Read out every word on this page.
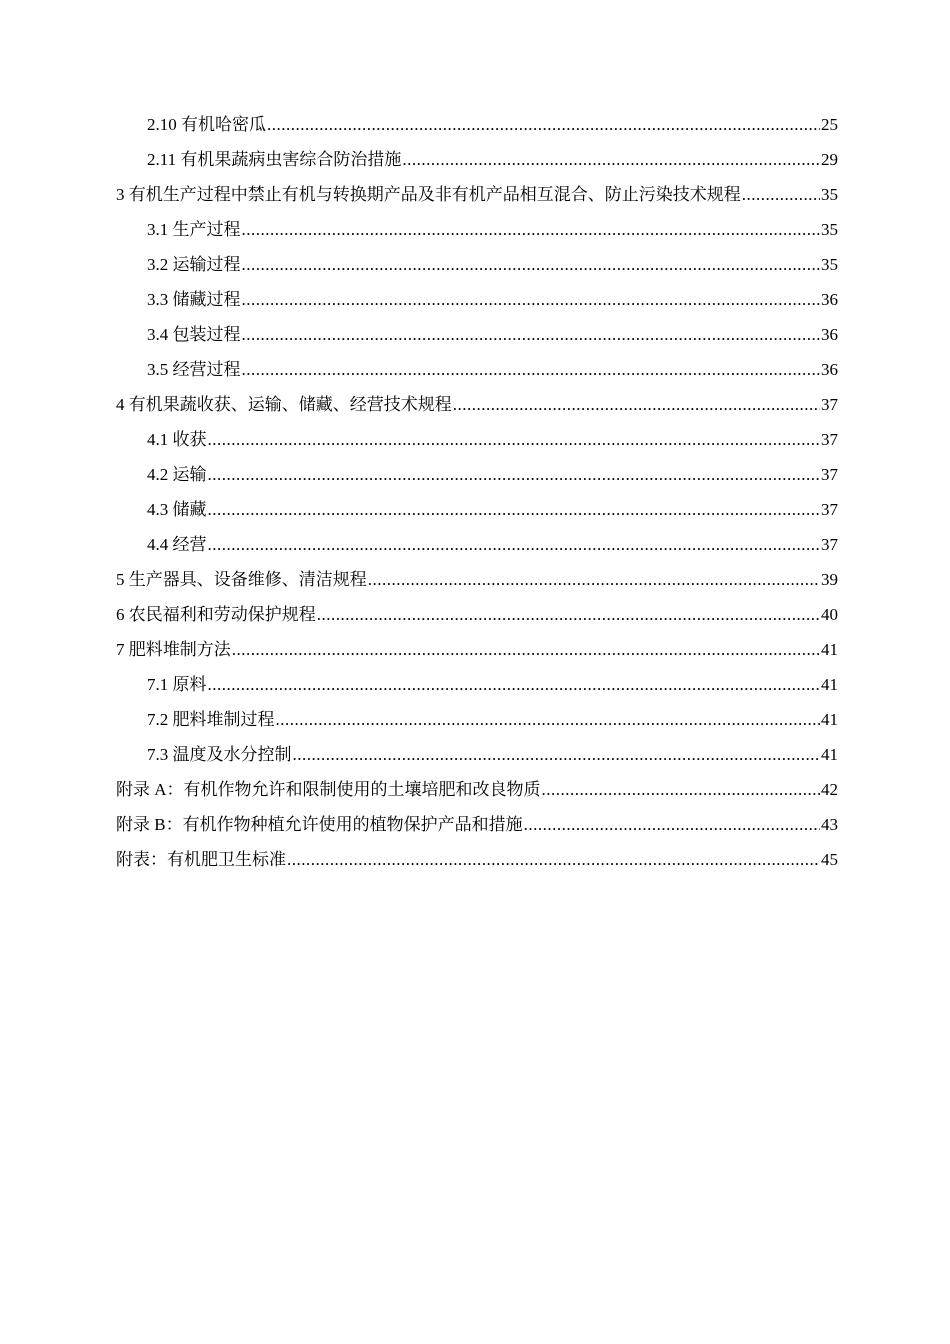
2.10 有机哈密瓜 .....	25
2.11 有机果蔬病虫害综合防治措施 .....	29
3 有机生产过程中禁止有机与转换期产品及非有机产品相互混合、防止污染技术规程 .....	35
3.1 生产过程 .....	35
3.2 运输过程 .....	35
3.3 储藏过程 .....	36
3.4 包装过程 .....	36
3.5 经营过程 .....	36
4 有机果蔬收获、运输、储藏、经营技术规程 .....	37
4.1 收获 .....	37
4.2 运输 .....	37
4.3 储藏 .....	37
4.4 经营 .....	37
5 生产器具、设备维修、清洁规程 .....	39
6 农民福利和劳动保护规程 .....	40
7 肥料堆制方法 .....	41
7.1 原料 .....	41
7.2 肥料堆制过程 .....	41
7.3 温度及水分控制 .....	41
附录 A：有机作物允许和限制使用的土壤培肥和改良物质 .....	42
附录 B：有机作物种植允许使用的植物保护产品和措施 .....	43
附表：有机肥卫生标准 .....	45
